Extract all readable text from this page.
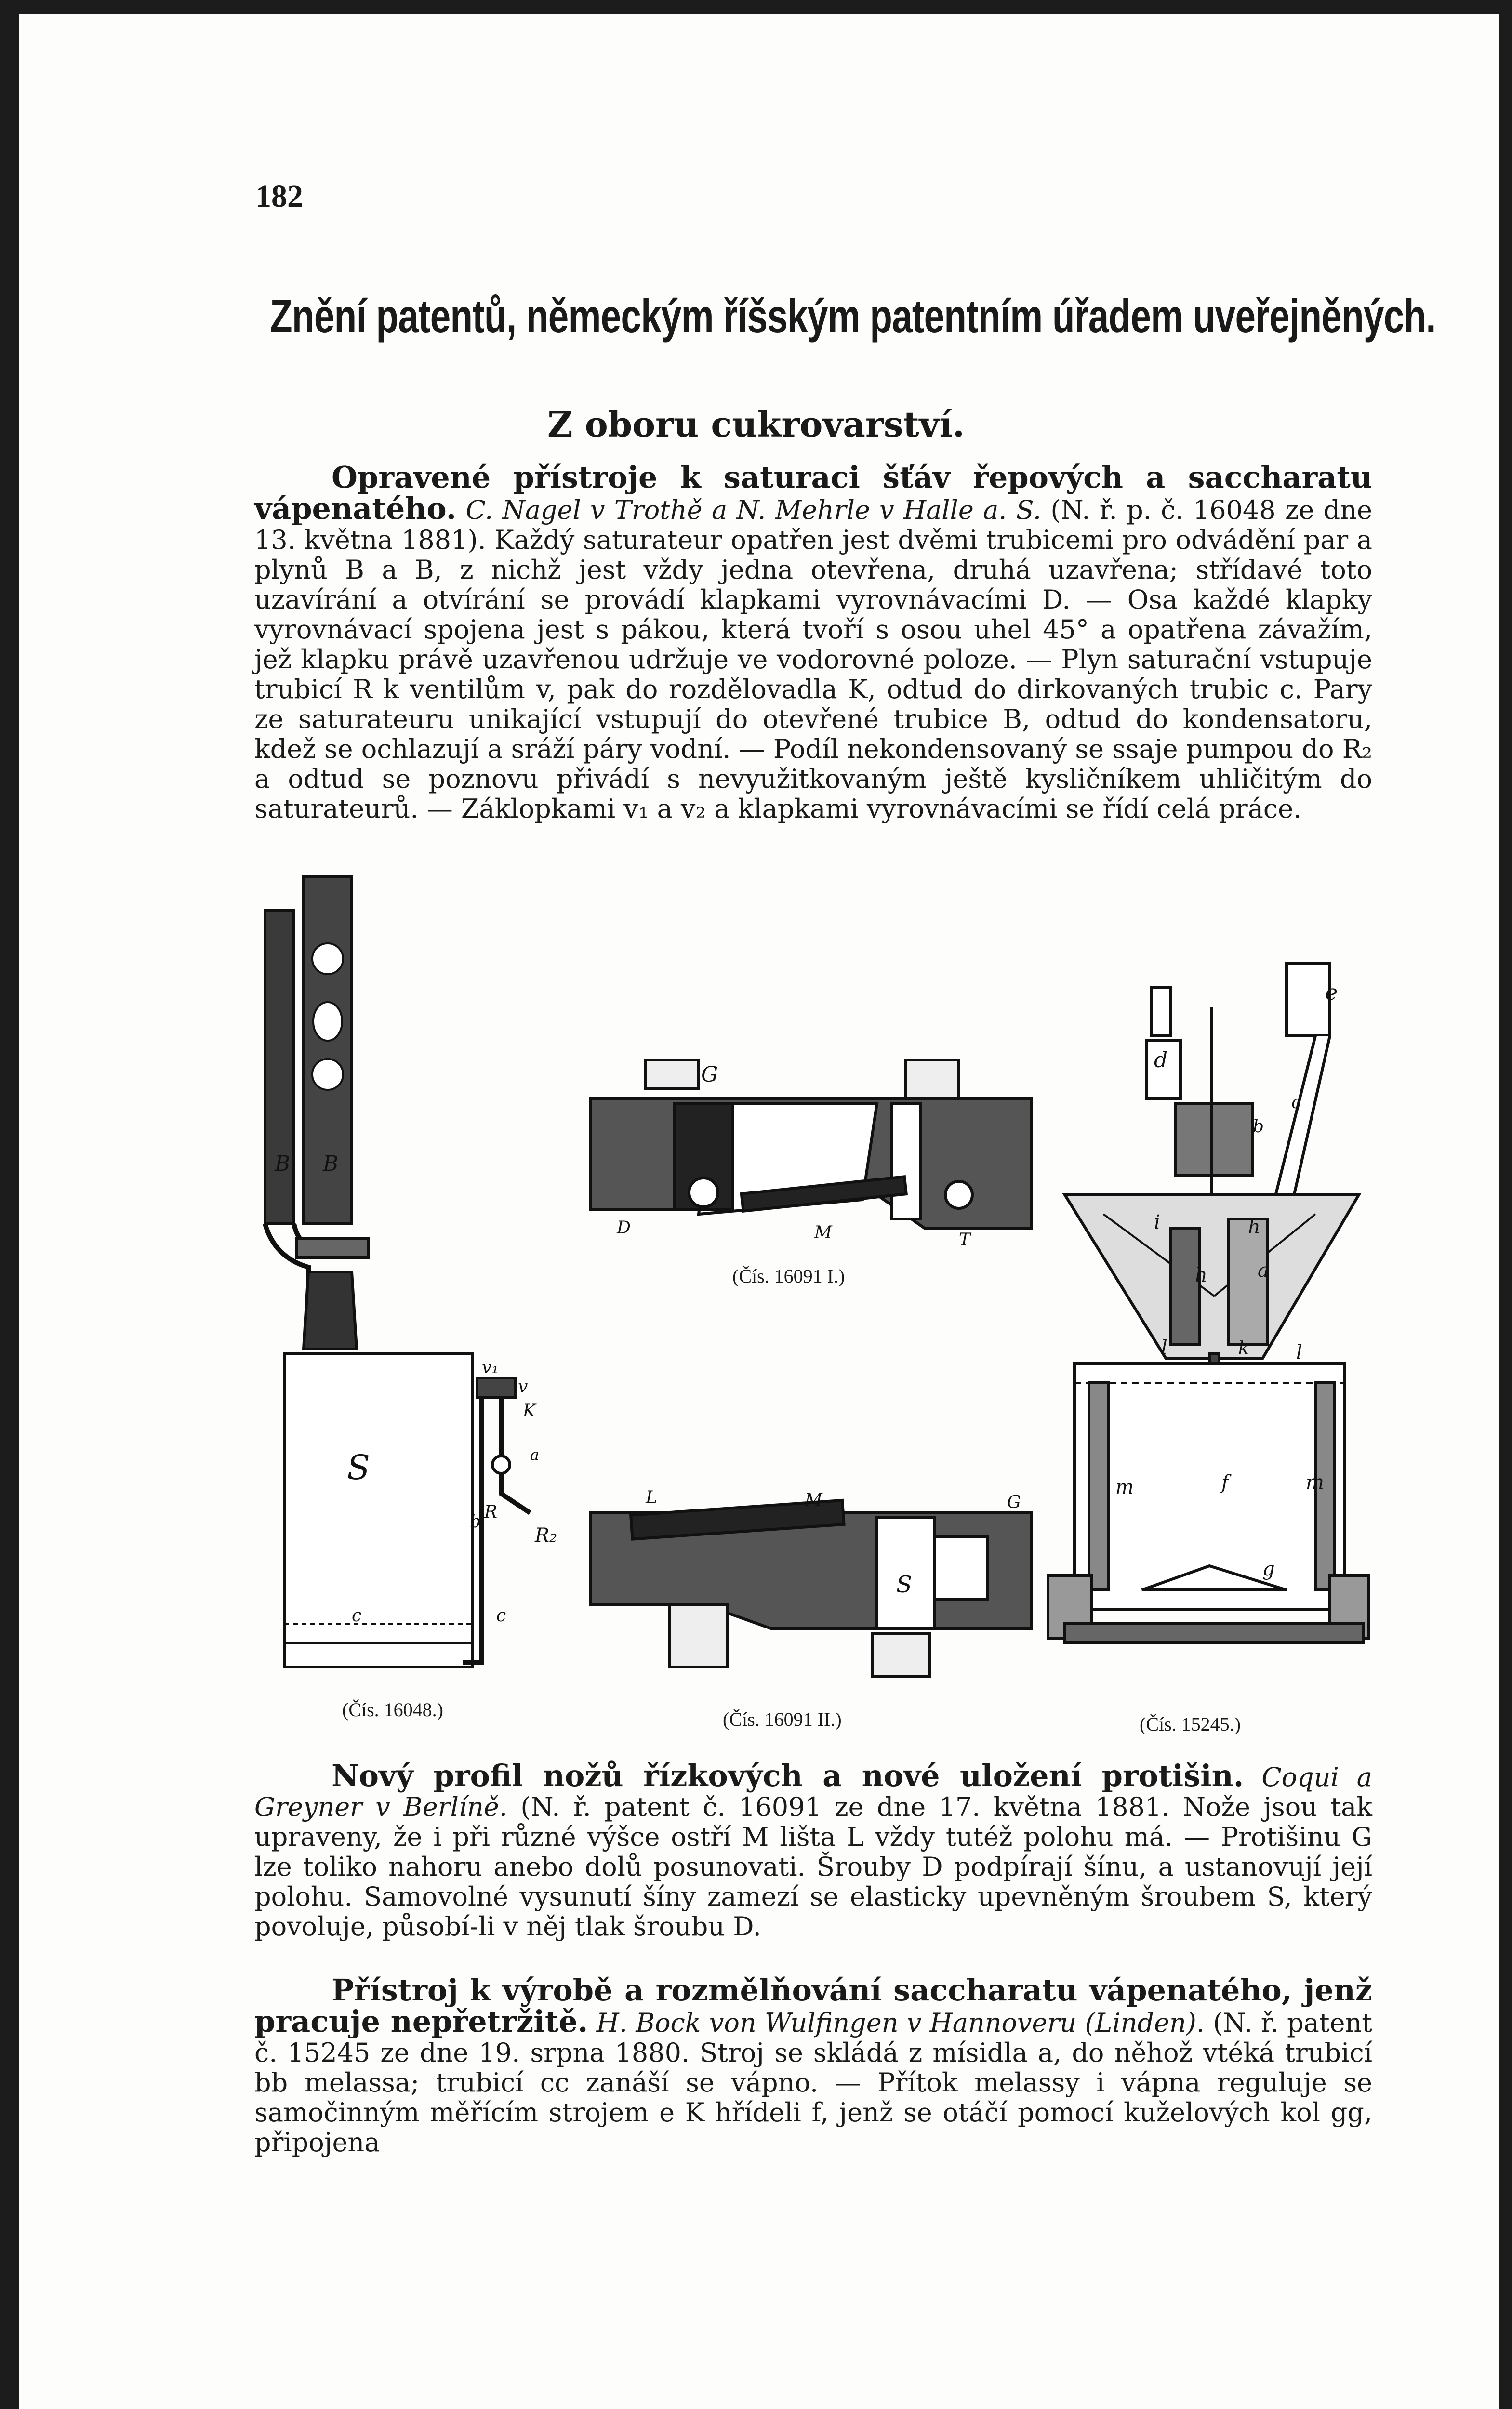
182
Znění patentů, německým říšským patentním úřadem uveřejněných.
Z oboru cukrovarství.
Opravené přístroje k saturaci šťáv řepových a saccharatu vápenatého. C. Nagel v Trothě a N. Mehrle v Halle a. S. (N. ř. p. č. 16048 ze dne 13. května 1881). Každý saturateur opatřen jest dvěmi trubicemi pro odvádění par a plynů B a B, z nichž jest vždy jedna otevřena, druhá uzavřena; střídavé toto uzavírání a otvírání se provádí klapkami vyrovnávacími D. — Osa každé klapky vyrovnávací spojena jest s pákou, která tvoří s osou uhel 45° a opatřena závažím, jež klapku právě uzavřenou udržuje ve vodorovné poloze. — Plyn saturační vstupuje trubicí R k ventilům v, pak do rozdělovadla K, odtud do dirkovaných trubic c. Pary ze saturateuru unikající vstupují do otevřené trubice B, odtud do kondensatoru, kdež se ochlazují a sráží páry vodní. — Podíl nekondensovaný se ssaje pumpou do R₂ a odtud se poznovu přivádí s nevyužitkovaným ještě kysličníkem uhličitým do saturateurů. — Záklopkami v₁ a v₂ a klapkami vyrovnávacími se řídí celá práce.
B B
S
v
v₁
K
a
R
R₂
c	c
b
(Čís. 16048.)
G
D	M	T
(Čís. 16091 I.)
L	M	G
S
(Čís. 16091 II.)
e
d
c
b
i	h
a
h
k
l	l
m	f	m
g
(Čís. 15245.)
Nový profil nožů řízkových a nové uložení protišin. Coqui a Greyner v Berlíně. (N. ř. patent č. 16091 ze dne 17. května 1881. Nože jsou tak upraveny, že i při různé výšce ostří M lišta L vždy tutéž polohu má. — Protišinu G lze toliko nahoru anebo dolů posunovati. Šrouby D podpírají šínu, a ustanovují její polohu. Samovolné vysunutí šíny zamezí se elasticky upevněným šroubem S, který povoluje, působí-li v něj tlak šroubu D.
Přístroj k výrobě a rozmělňování saccharatu vápenatého, jenž pracuje nepřetržitě. H. Bock von Wulfingen v Hannoveru (Linden). (N. ř. patent č. 15245 ze dne 19. srpna 1880. Stroj se skládá z mísidla a, do něhož vtéká trubicí bb melassa; trubicí cc zanáší se vápno. — Přítok melassy i vápna reguluje se samočinným měřícím strojem e K hřídeli f, jenž se otáčí pomocí kuželových kol gg, připojena
